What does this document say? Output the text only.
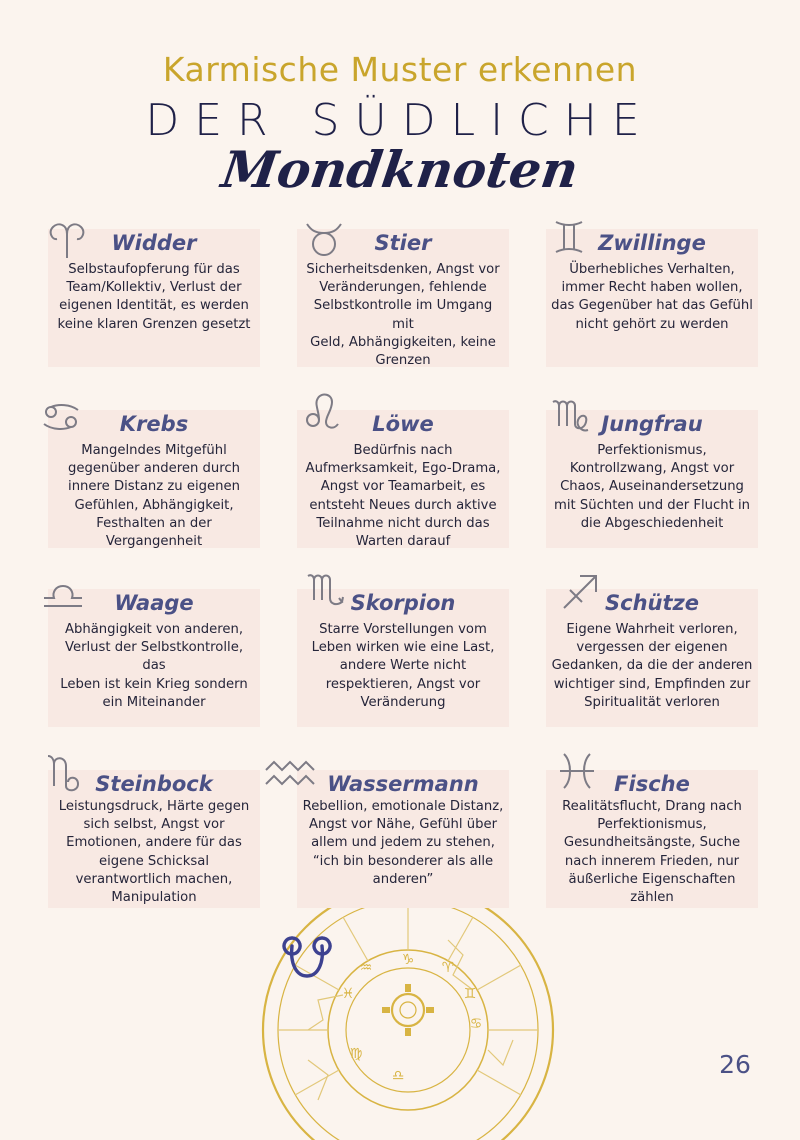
Karmische Muster erkennen
DER SÜDLICHE
Mondknoten
♒ ♑ ♈
♊
♋
♍
♎
♓
Widder
Selbstaufopferung für das
Team/Kollektiv, Verlust der
eigenen Identität, es werden
keine klaren Grenzen gesetzt
Stier
Sicherheitsdenken, Angst vor
Veränderungen, fehlende
Selbstkontrolle im Umgang mit
Geld, Abhängigkeiten, keine
Grenzen
Zwillinge
Überhebliches Verhalten,
immer Recht haben wollen,
das Gegenüber hat das Gefühl
nicht gehört zu werden
Krebs
Mangelndes Mitgefühl
gegenüber anderen durch
innere Distanz zu eigenen
Gefühlen, Abhängigkeit,
Festhalten an der
Vergangenheit
Löwe
Bedürfnis nach
Aufmerksamkeit, Ego-Drama,
Angst vor Teamarbeit, es
entsteht Neues durch aktive
Teilnahme nicht durch das
Warten darauf
Jungfrau
Perfektionismus,
Kontrollzwang, Angst vor
Chaos, Auseinandersetzung
mit Süchten und der Flucht in
die Abgeschiedenheit
Waage
Abhängigkeit von anderen,
Verlust der Selbstkontrolle, das
Leben ist kein Krieg sondern
ein Miteinander
Skorpion
Starre Vorstellungen vom
Leben wirken wie eine Last,
andere Werte nicht
respektieren, Angst vor
Veränderung
Schütze
Eigene Wahrheit verloren,
vergessen der eigenen
Gedanken, da die der anderen
wichtiger sind, Empfinden zur
Spiritualität verloren
Steinbock
Leistungsdruck, Härte gegen
sich selbst, Angst vor
Emotionen, andere für das
eigene Schicksal
verantwortlich machen,
Manipulation
Wassermann
Rebellion, emotionale Distanz,
Angst vor Nähe, Gefühl über
allem und jedem zu stehen,
“ich bin besonderer als alle
anderen”
Fische
Realitätsflucht, Drang nach
Perfektionismus,
Gesundheitsängste, Suche
nach innerem Frieden, nur
äußerliche Eigenschaften
zählen
26
